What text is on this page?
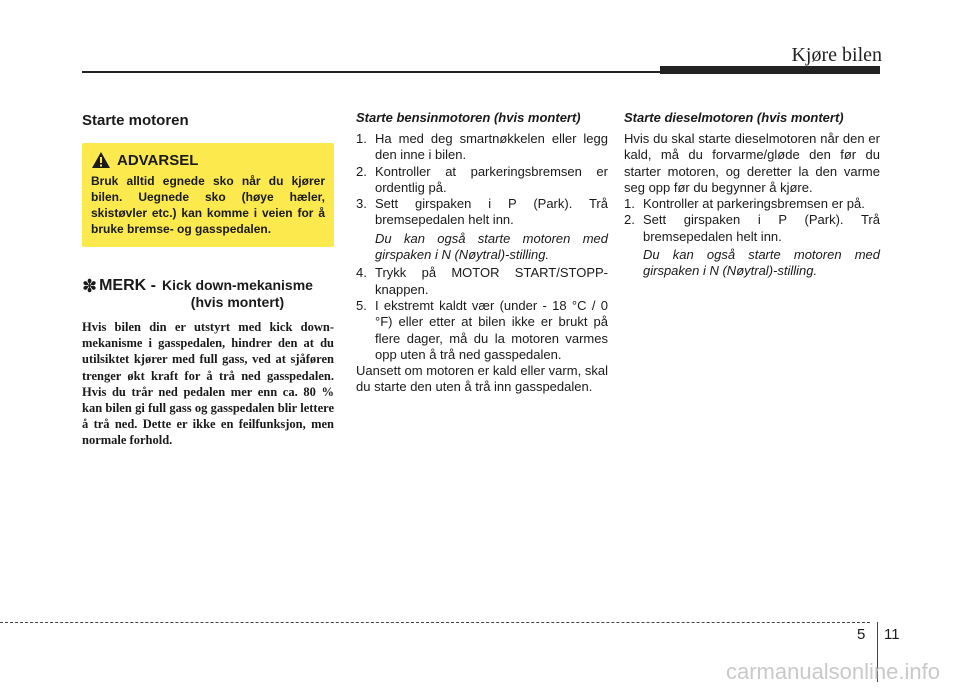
Kjøre bilen
Starte motoren
ADVARSEL
Bruk alltid egnede sko når du kjører bilen. Uegnede sko (høye hæler, skistøvler etc.) kan komme i veien for å bruke bremse- og gasspedalen.
✽ MERK - Kick down-mekanisme
(hvis montert)
Hvis bilen din er utstyrt med kick down-mekanisme i gasspedalen, hindrer den at du utilsiktet kjører med full gass, ved at sjåføren trenger økt kraft for å trå ned gasspedalen. Hvis du trår ned pedalen mer enn ca. 80 % kan bilen gi full gass og gasspedalen blir lettere å trå ned. Dette er ikke en feilfunksjon, men normale forhold.
Starte bensinmotoren (hvis montert)
1. Ha med deg smartnøkkelen eller legg den inne i bilen.
2. Kontroller at parkeringsbremsen er ordentlig på.
3. Sett girspaken i P (Park). Trå bremsepedalen helt inn.
Du kan også starte motoren med girspaken i N (Nøytral)-stilling.
4. Trykk på MOTOR START/STOPP-knappen.
5. I ekstremt kaldt vær (under - 18 °C / 0 °F) eller etter at bilen ikke er brukt på flere dager, må du la motoren varmes opp uten å trå ned gasspedalen.

Uansett om motoren er kald eller varm, skal du starte den uten å trå inn gasspedalen.

Starte dieselmotoren (hvis montert)

Hvis du skal starte dieselmotoren når den er kald, må du forvarme/gløde den før du starter motoren, og deretter la den varme seg opp før du begynner å kjøre.

1. Kontroller at parkeringsbremsen er på.
2. Sett girspaken i P (Park). Trå bremsepedalen helt inn.
Du kan også starte motoren med girspaken i N (Nøytral)-stilling.
5 11
carmanualsonline.info
